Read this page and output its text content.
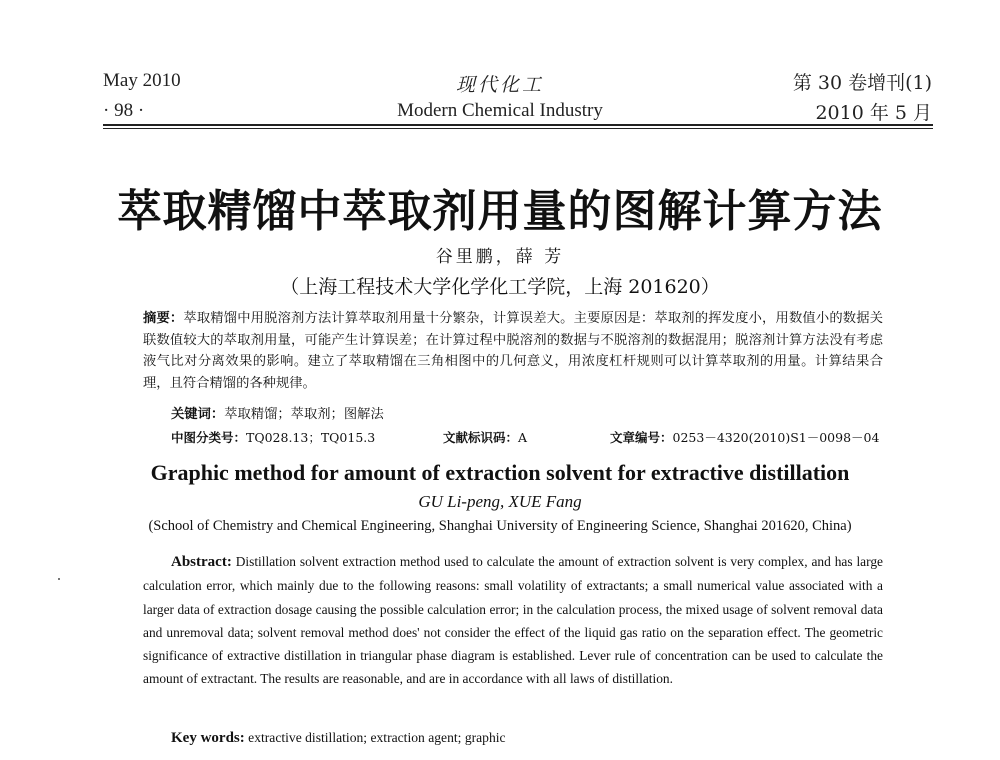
May 2010
· 98 ·
现代化工
Modern Chemical Industry
第 30 卷增刊(1)
2010 年 5 月
萃取精馏中萃取剂用量的图解计算方法
谷里鹏，薛 芳
（上海工程技术大学化学化工学院，上海 201620）
摘要：萃取精馏中用脱溶剂方法计算萃取剂用量十分繁杂，计算误差大。主要原因是：萃取剂的挥发度小，用数值小的数据关联数值较大的萃取剂用量，可能产生计算误差；在计算过程中脱溶剂的数据与不脱溶剂的数据混用；脱溶剂计算方法没有考虑液气比对分离效果的影响。建立了萃取精馏在三角相图中的几何意义，用浓度杠杆规则可以计算萃取剂的用量。计算结果合理，且符合精馏的各种规律。
关键词：萃取精馏；萃取剂；图解法
中图分类号：TQ028.13；TQ015.3	文献标识码：A	文章编号：0253－4320(2010)S1－0098－04
Graphic method for amount of extraction solvent for extractive distillation
GU Li-peng, XUE Fang
(School of Chemistry and Chemical Engineering, Shanghai University of Engineering Science, Shanghai 201620, China)
Abstract: Distillation solvent extraction method used to calculate the amount of extraction solvent is very complex, and has large calculation error, which mainly due to the following reasons: small volatility of extractants; a small numerical value associated with a larger data of extraction dosage causing the possible calculation error; in the calculation process, the mixed usage of solvent removal data and unremoval data; solvent removal method does' not consider the effect of the liquid gas ratio on the separation effect. The geometric significance of extractive distillation in triangular phase diagram is established. Lever rule of concentration can be used to calculate the amount of extractant. The results are reasonable, and are in accordance with all laws of distillation.
Key words: extractive distillation; extraction agent; graphic
